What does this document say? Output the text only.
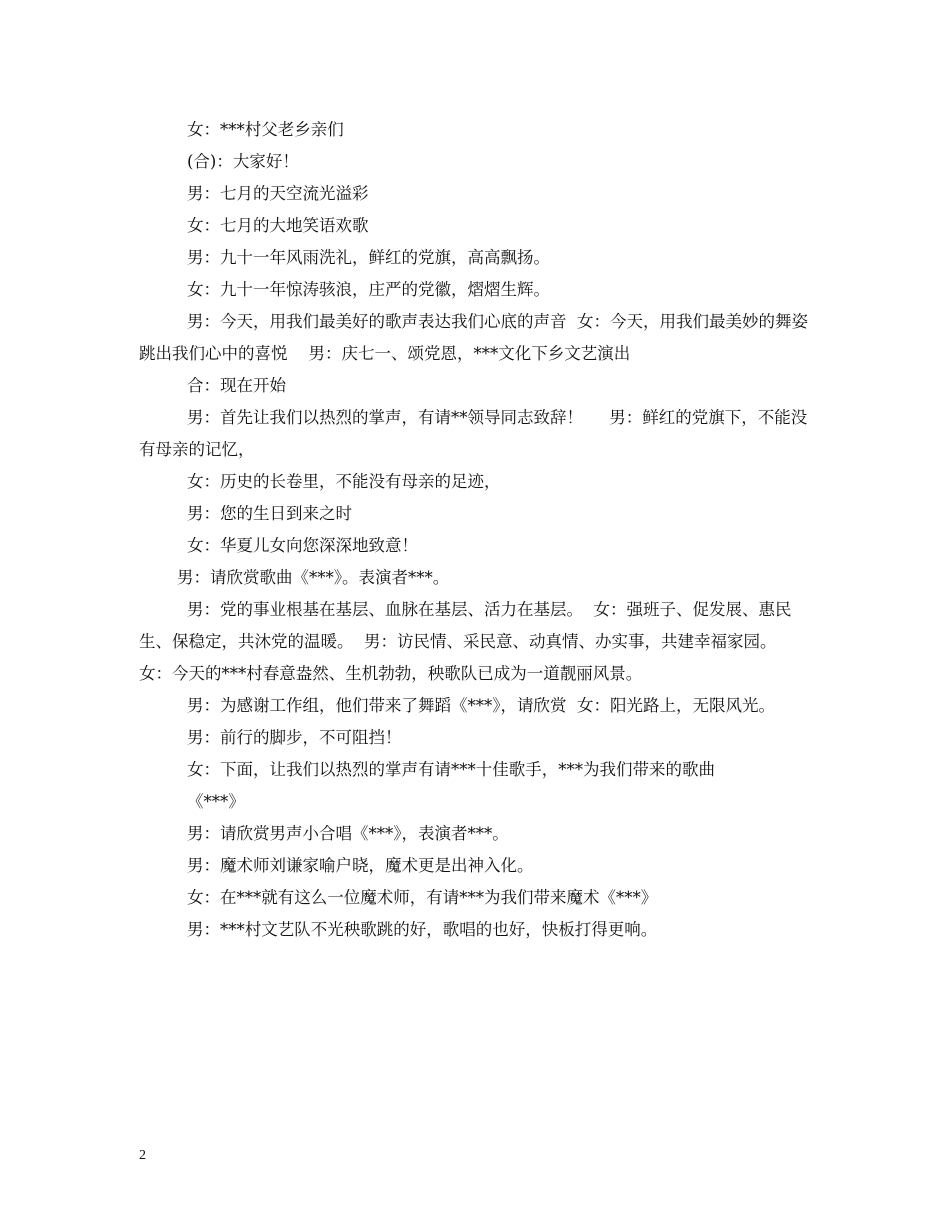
女：***村父老乡亲们

(合)：大家好！

男：七月的天空流光溢彩

女：七月的大地笑语欢歌

男：九十一年风雨洗礼，鲜红的党旗，高高飘扬。

女：九十一年惊涛骇浪，庄严的党徽，熠熠生辉。

男：今天，用我们最美好的歌声表达我们心底的声音  女：今天，用我们最美妙的舞姿跳出我们心中的喜悦    男：庆七一、颂党恩，***文化下乡文艺演出

合：现在开始

男：首先让我们以热烈的掌声，有请**领导同志致辞！     男：鲜红的党旗下，不能没有母亲的记忆，

女：历史的长卷里，不能没有母亲的足迹，

男：您的生日到来之时

女：华夏儿女向您深深地致意！

男：请欣赏歌曲《***》。表演者***。

男：党的事业根基在基层、血脉在基层、活力在基层。  女：强班子、促发展、惠民生、保稳定，共沐党的温暖。  男：访民情、采民意、动真情、办实事，共建幸福家园。  女：今天的***村春意盎然、生机勃勃，秧歌队已成为一道靓丽风景。

男：为感谢工作组，他们带来了舞蹈《***》，请欣赏  女：阳光路上，无限风光。

男：前行的脚步，不可阻挡！

女：下面，让我们以热烈的掌声有请***十佳歌手，***为我们带来的歌曲《***》

男：请欣赏男声小合唱《***》，表演者***。

男：魔术师刘谦家喻户晓，魔术更是出神入化。

女：在***就有这么一位魔术师，有请***为我们带来魔术《***》

男：***村文艺队不光秧歌跳的好，歌唱的也好，快板打得更响。

2
